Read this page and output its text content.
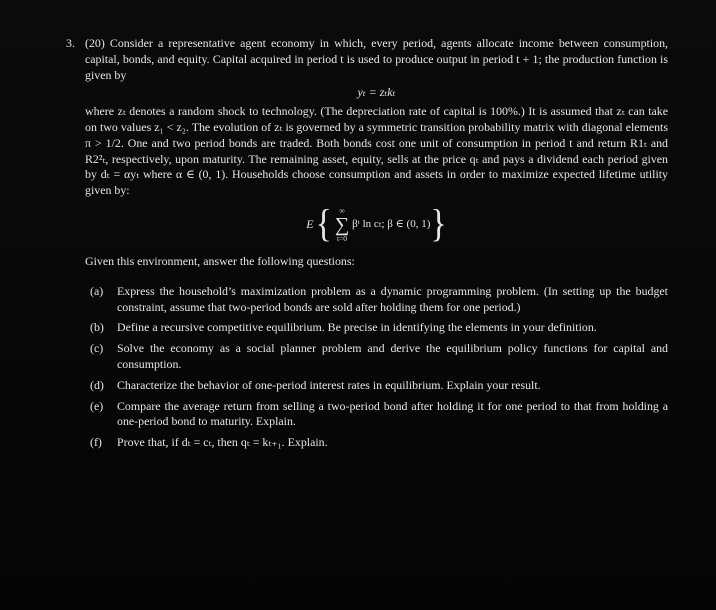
3. (20) Consider a representative agent economy in which, every period, agents allocate income between consumption, capital, bonds, and equity. Capital acquired in period t is used to produce output in period t + 1; the production function is given by

yₜ = zₜkₜ

where zₜ denotes a random shock to technology. (The depreciation rate of capital is 100%.) It is assumed that zₜ can take on two values z₁ < z₂. The evolution of zₜ is governed by a symmetric transition probability matrix with diagonal elements π > 1/2. One and two period bonds are traded. Both bonds cost one unit of consumption in period t and return R1ₜ and R2²ₜ, respectively, upon maturity. The remaining asset, equity, sells at the price qₜ and pays a dividend each period given by dₜ = αyₜ where α ∈ (0, 1). Households choose consumption and assets in order to maximize expected lifetime utility given by:

E { ∞
∑
t=0
βᵗ ln cₜ; β ∈ (0, 1) }

Given this environment, answer the following questions:

(a)	Express the household’s maximization problem as a dynamic programming problem. (In setting up the budget constraint, assume that two-period bonds are sold after holding them for one period.)
(b)	Define a recursive competitive equilibrium. Be precise in identifying the elements in your definition.
(c)	Solve the economy as a social planner problem and derive the equilibrium policy functions for capital and consumption.
(d)	Characterize the behavior of one-period interest rates in equilibrium. Explain your result.
(e)	Compare the average return from selling a two-period bond after holding it for one period to that from holding a one-period bond to maturity. Explain.
(f)	Prove that, if dₜ = cₜ, then qₜ = kₜ₊₁. Explain.
